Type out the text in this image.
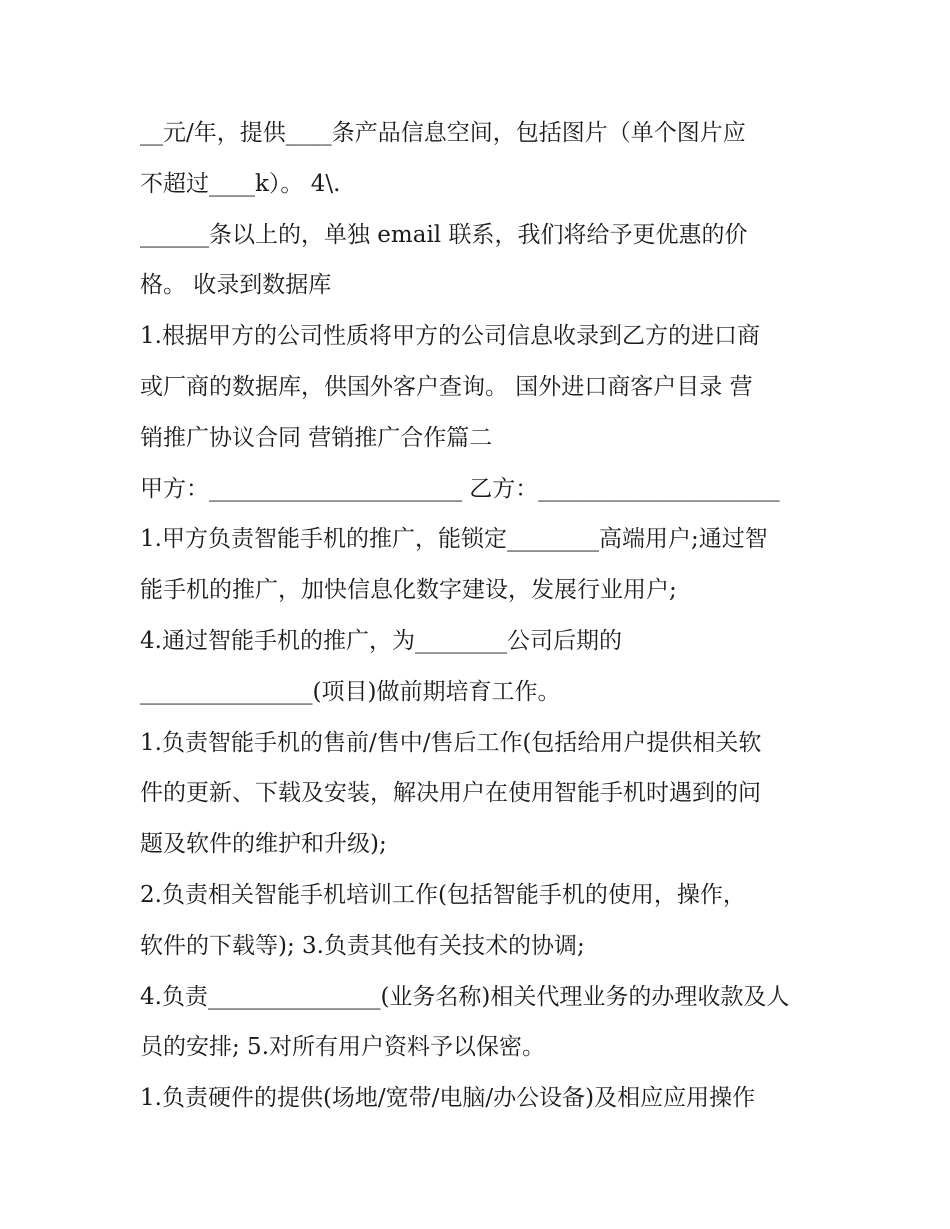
__元/年，提供____条产品信息空间，包括图片（单个图片应
不超过____k）。 4\.
______条以上的，单独 email 联系，我们将给予更优惠的价
格。 收录到数据库
1.根据甲方的公司性质将甲方的公司信息收录到乙方的进口商
或厂商的数据库，供国外客户查询。 国外进口商客户目录 营
销推广协议合同 营销推广合作篇二
甲方：______________________ 乙方：_____________________
1.甲方负责智能手机的推广，能锁定________高端用户;通过智
能手机的推广，加快信息化数字建设，发展行业用户;
4.通过智能手机的推广，为________公司后期的
_______________(项目)做前期培育工作。
1.负责智能手机的售前/售中/售后工作(包括给用户提供相关软
件的更新、下载及安装，解决用户在使用智能手机时遇到的问
题及软件的维护和升级);
2.负责相关智能手机培训工作(包括智能手机的使用，操作，
软件的下载等); 3.负责其他有关技术的协调;
4.负责_______________(业务名称)相关代理业务的办理收款及人
员的安排; 5.对所有用户资料予以保密。
1.负责硬件的提供(场地/宽带/电脑/办公设备)及相应应用操作
